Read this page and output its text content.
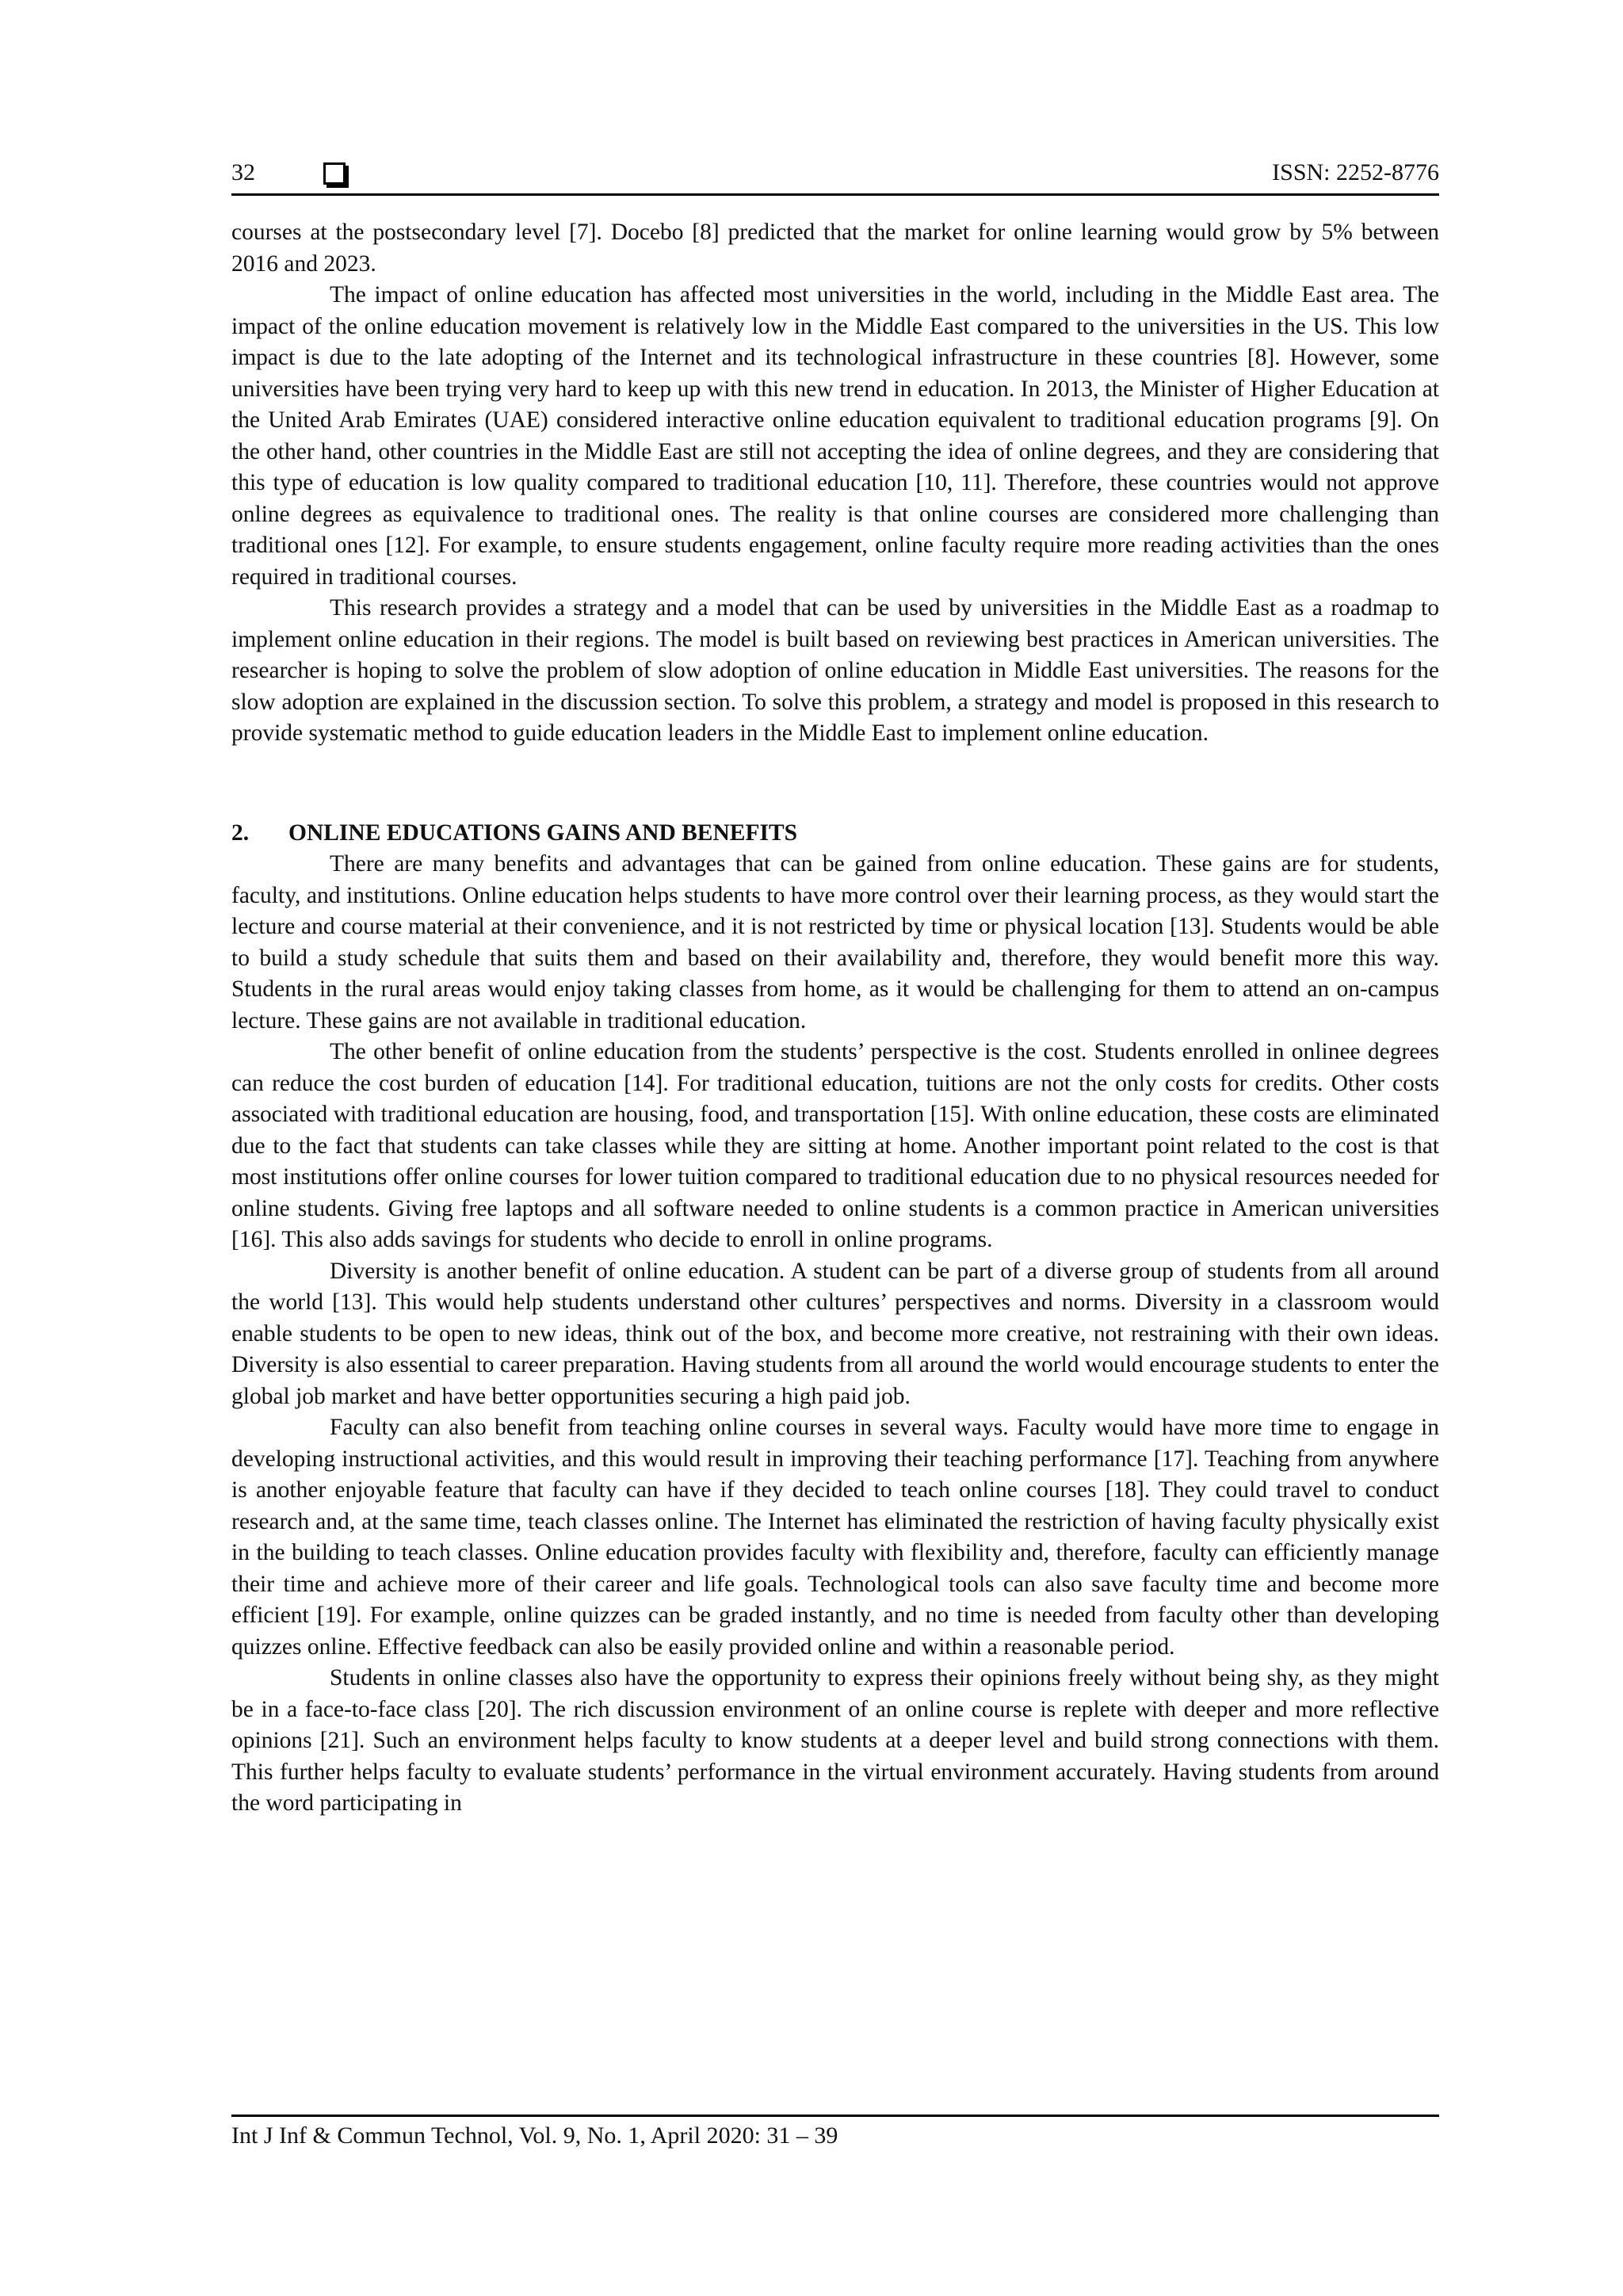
32	ISSN: 2252-8776

courses at the postsecondary level [7]. Docebo [8] predicted that the market for online learning would grow by 5% between 2016 and 2023.

The impact of online education has affected most universities in the world, including in the Middle East area. The impact of the online education movement is relatively low in the Middle East compared to the universities in the US. This low impact is due to the late adopting of the Internet and its technological infrastructure in these countries [8]. However, some universities have been trying very hard to keep up with this new trend in education. In 2013, the Minister of Higher Education at the United Arab Emirates (UAE) considered interactive online education equivalent to traditional education programs [9]. On the other hand, other countries in the Middle East are still not accepting the idea of online degrees, and they are considering that this type of education is low quality compared to traditional education [10, 11]. Therefore, these countries would not approve online degrees as equivalence to traditional ones. The reality is that online courses are considered more challenging than traditional ones [12]. For example, to ensure students engagement, online faculty require more reading activities than the ones required in traditional courses.

This research provides a strategy and a model that can be used by universities in the Middle East as a roadmap to implement online education in their regions. The model is built based on reviewing best practices in American universities. The researcher is hoping to solve the problem of slow adoption of online education in Middle East universities. The reasons for the slow adoption are explained in the discussion section. To solve this problem, a strategy and model is proposed in this research to provide systematic method to guide education leaders in the Middle East to implement online education.

2.	ONLINE EDUCATIONS GAINS AND BENEFITS

There are many benefits and advantages that can be gained from online education. These gains are for students, faculty, and institutions. Online education helps students to have more control over their learning process, as they would start the lecture and course material at their convenience, and it is not restricted by time or physical location [13]. Students would be able to build a study schedule that suits them and based on their availability and, therefore, they would benefit more this way. Students in the rural areas would enjoy taking classes from home, as it would be challenging for them to attend an on-campus lecture. These gains are not available in traditional education.

The other benefit of online education from the students’ perspective is the cost. Students enrolled in onlinee degrees can reduce the cost burden of education [14]. For traditional education, tuitions are not the only costs for credits. Other costs associated with traditional education are housing, food, and transportation [15]. With online education, these costs are eliminated due to the fact that students can take classes while they are sitting at home. Another important point related to the cost is that most institutions offer online courses for lower tuition compared to traditional education due to no physical resources needed for online students. Giving free laptops and all software needed to online students is a common practice in American universities [16]. This also adds savings for students who decide to enroll in online programs.

Diversity is another benefit of online education. A student can be part of a diverse group of students from all around the world [13]. This would help students understand other cultures’ perspectives and norms. Diversity in a classroom would enable students to be open to new ideas, think out of the box, and become more creative, not restraining with their own ideas. Diversity is also essential to career preparation. Having students from all around the world would encourage students to enter the global job market and have better opportunities securing a high paid job.

Faculty can also benefit from teaching online courses in several ways. Faculty would have more time to engage in developing instructional activities, and this would result in improving their teaching performance [17]. Teaching from anywhere is another enjoyable feature that faculty can have if they decided to teach online courses [18]. They could travel to conduct research and, at the same time, teach classes online. The Internet has eliminated the restriction of having faculty physically exist in the building to teach classes. Online education provides faculty with flexibility and, therefore, faculty can efficiently manage their time and achieve more of their career and life goals. Technological tools can also save faculty time and become more efficient [19]. For example, online quizzes can be graded instantly, and no time is needed from faculty other than developing quizzes online. Effective feedback can also be easily provided online and within a reasonable period.

Students in online classes also have the opportunity to express their opinions freely without being shy, as they might be in a face-to-face class [20]. The rich discussion environment of an online course is replete with deeper and more reflective opinions [21]. Such an environment helps faculty to know students at a deeper level and build strong connections with them. This further helps faculty to evaluate students’ performance in the virtual environment accurately. Having students from around the word participating in

Int J Inf & Commun Technol, Vol. 9, No. 1, April 2020: 31 – 39
